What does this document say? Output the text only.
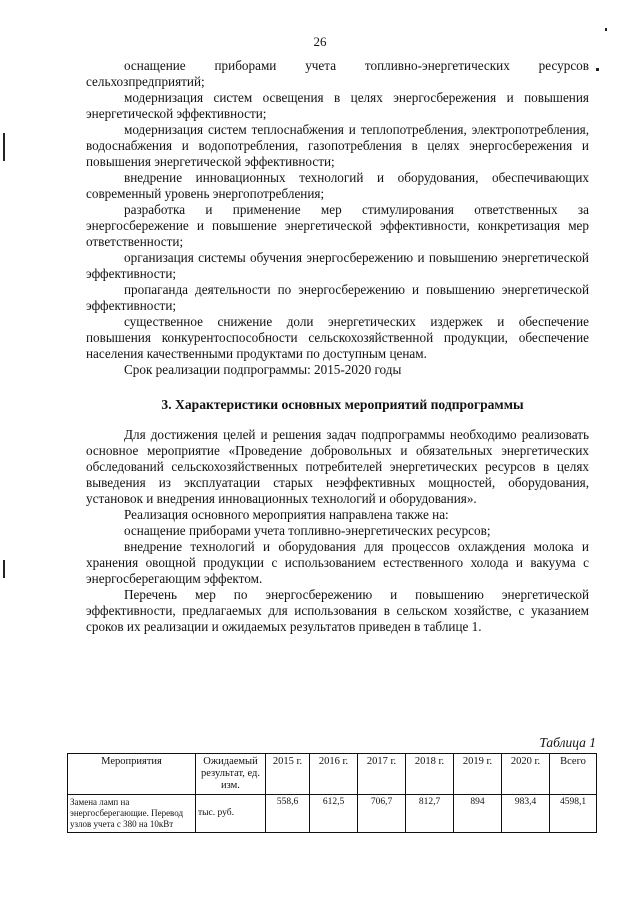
26

оснащение приборами учета топливно-энергетических ресурсов сельхозпредприятий;

модернизация систем освещения в целях энергосбережения и повышения энергетической эффективности;

модернизация систем теплоснабжения и теплопотребления, электропотребления, водоснабжения и водопотребления, газопотребления в целях энергосбережения и повышения энергетической эффективности;

внедрение инновационных технологий и оборудования, обеспечивающих современный уровень энергопотребления;

разработка и применение мер стимулирования ответственных за энергосбережение и повышение энергетической эффективности, конкретизация мер ответственности;

организация системы обучения энергосбережению и повышению энергетической эффективности;

пропаганда деятельности по энергосбережению и повышению энергетической эффективности;

существенное снижение доли энергетических издержек и обеспечение повышения конкурентоспособности сельскохозяйственной продукции, обеспечение населения качественными продуктами по доступным ценам.

Срок реализации подпрограммы: 2015-2020 годы

3. Характеристики основных мероприятий подпрограммы

Для достижения целей и решения задач подпрограммы необходимо реализовать основное мероприятие «Проведение добровольных и обязательных энергетических обследований сельскохозяйственных потребителей энергетических ресурсов в целях выведения из эксплуатации старых неэффективных мощностей, оборудования, установок и внедрения инновационных технологий и оборудования».

Реализация основного мероприятия направлена также на:

оснащение приборами учета топливно-энергетических ресурсов;

внедрение технологий и оборудования для процессов охлаждения молока и хранения овощной продукции с использованием естественного холода и вакуума с энергосберегающим эффектом.

Перечень мер по энергосбережению и повышению энергетической эффективности, предлагаемых для использования в сельском хозяйстве, с указанием сроков их реализации и ожидаемых результатов приведен в таблице 1.

Таблица 1
Мероприятия	Ожидаемый результат, ед. изм.	2015 г.	2016 г.	2017 г.	2018 г.	2019 г.	2020 г.	Всего
Замена ламп на энергосберегающие. Перевод узлов учета с 380 на 10кВт	тыс. руб.	558,6	612,5	706,7	812,7	894	983,4	4598,1
